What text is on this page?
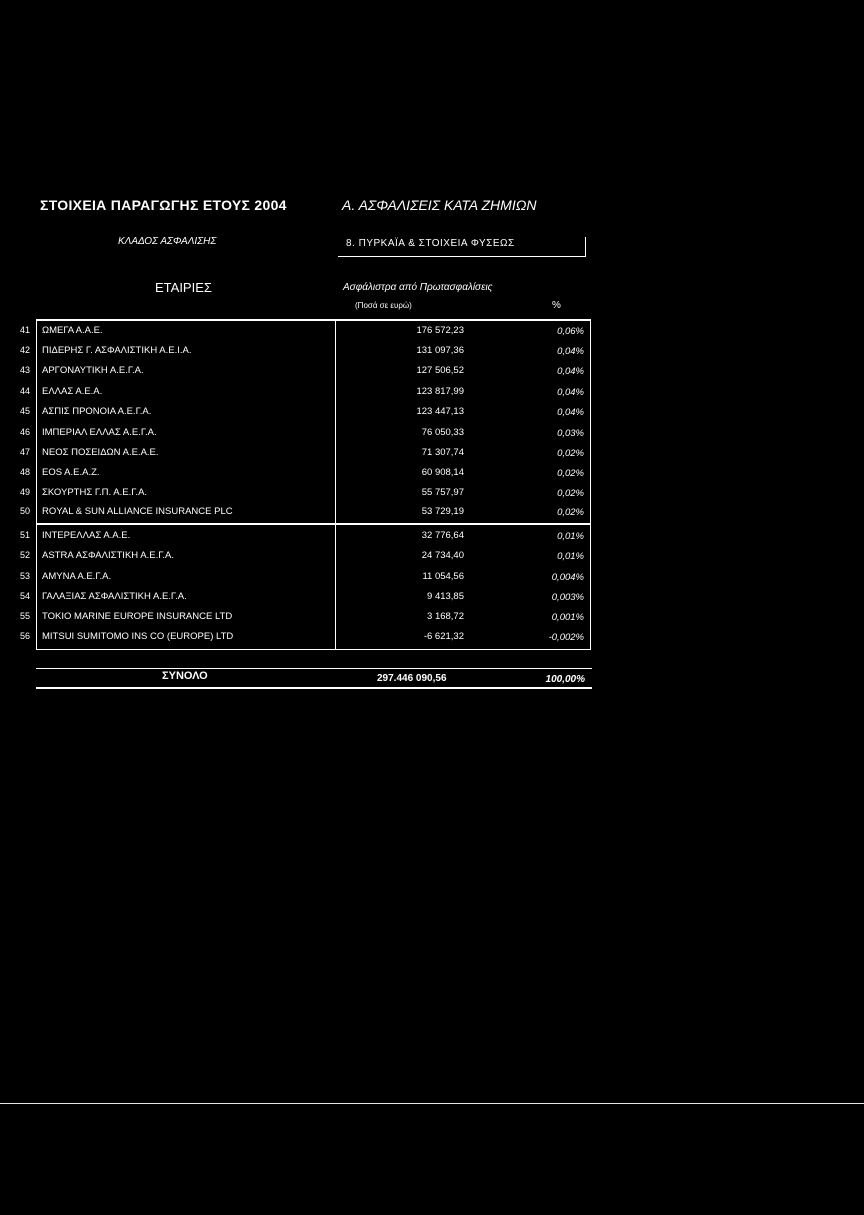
ΣΤΟΙΧΕΙΑ ΠΑΡΑΓΩΓΗΣ ΕΤΟΥΣ 2004	Α. ΑΣΦΑΛΙΣΕΙΣ ΚΑΤΑ ΖΗΜΙΩΝ
ΚΛΑΔΟΣ ΑΣΦΑΛΙΣΗΣ	8. ΠΥΡΚΑΪΑ & ΣΤΟΙΧΕΙΑ ΦΥΣΕΩΣ
ΕΤΑΙΡΙΕΣ	Ασφάλιστρα από Πρωτασφαλίσεις
(Ποσά σε ευρώ)	%
41	ΩΜΕΓΑ Α.Α.Ε.	176 572,23	0,06%
42	ΠΙΔΕΡΗΣ Γ. ΑΣΦΑΛΙΣΤΙΚΗ Α.Ε.Ι.Α.	131 097,36	0,04%
43	ΑΡΓΟΝΑΥΤΙΚΗ Α.Ε.Γ.Α.	127 506,52	0,04%
44	ΕΛΛΑΣ Α.Ε.Α.	123 817,99	0,04%
45	ΑΣΠΙΣ ΠΡΟΝΟΙΑ Α.Ε.Γ.Α.	123 447,13	0,04%
46	ΙΜΠΕΡΙΑΛ ΕΛΛΑΣ Α.Ε.Γ.Α.	76 050,33	0,03%
47	ΝΕΟΣ ΠΟΣΕΙΔΩΝ Α.Ε.Α.Ε.	71 307,74	0,02%
48	EOS A.E.A.Z.	60 908,14	0,02%
49	ΣΚΟΥΡΤΗΣ Γ.Π. Α.Ε.Γ.Α.	55 757,97	0,02%
50	ROYAL & SUN ALLIANCE INSURANCE PLC	53 729,19	0,02%
51	ΙΝΤΕΡΕΛΛΑΣ Α.Α.Ε.	32 776,64	0,01%
52	ASTRA ΑΣΦΑΛΙΣΤΙΚΗ Α.Ε.Γ.Α.	24 734,40	0,01%
53	ΑΜΥΝΑ Α.Ε.Γ.Α.	11 054,56	0,004%
54	ΓΑΛΑΞΙΑΣ ΑΣΦΑΛΙΣΤΙΚΗ Α.Ε.Γ.Α.	9 413,85	0,003%
55	TOKIO MARINE EUROPE INSURANCE LTD	3 168,72	0,001%
56	MITSUI SUMITOMO INS CO (EUROPE) LTD	-6 621,32	-0,002%
ΣΥΝΟΛΟ	297.446 090,56	100,00%
